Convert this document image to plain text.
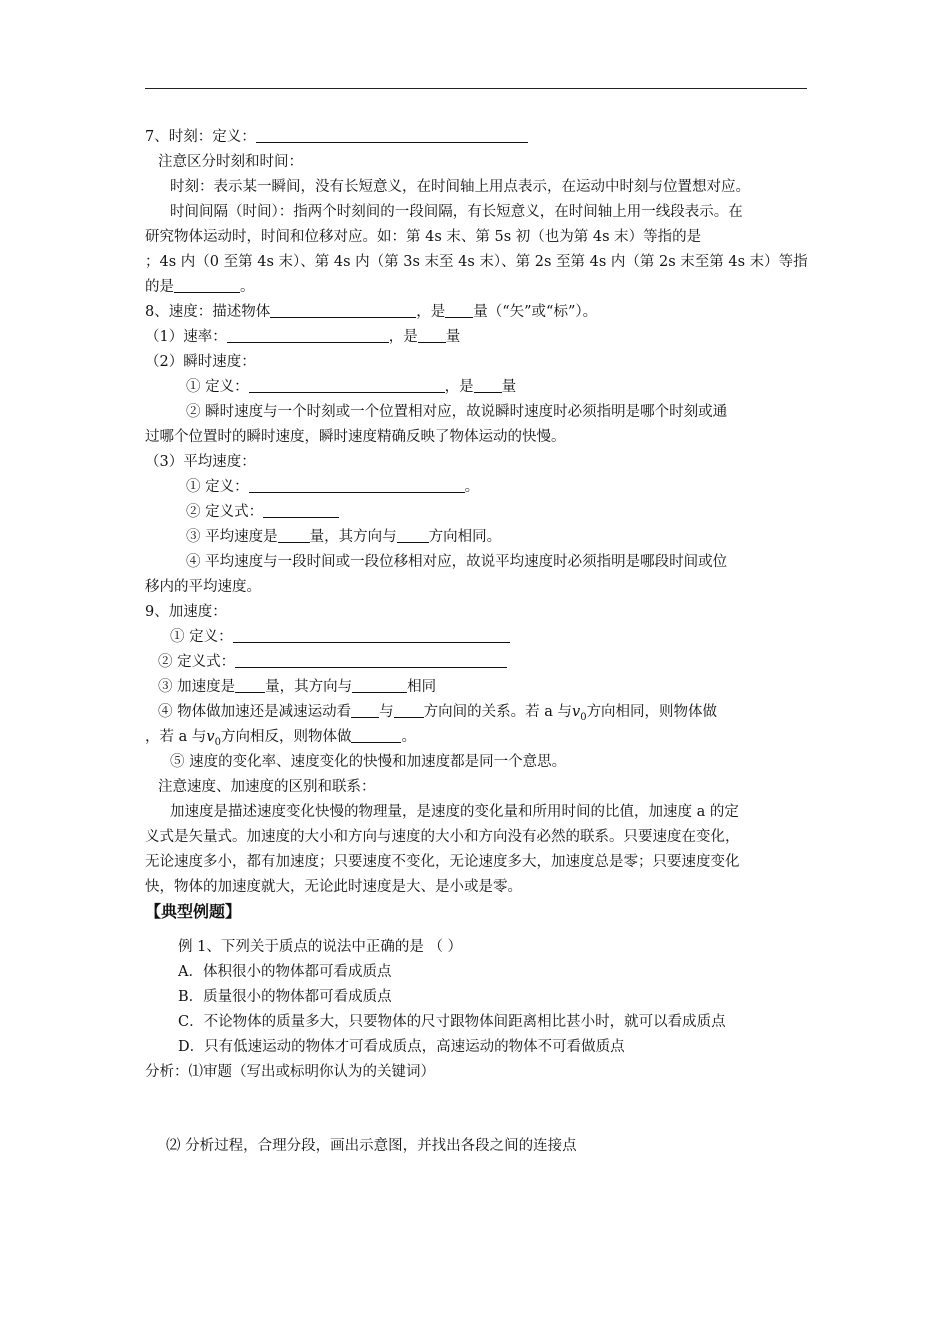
7、时刻：定义：
注意区分时刻和时间：
时刻：表示某一瞬间，没有长短意义，在时间轴上用点表示，在运动中时刻与位置想对应。
时间间隔（时间）：指两个时刻间的一段间隔，有长短意义，在时间轴上用一线段表示。在
研究物体运动时，时间和位移对应。如：第 4s 末、第 5s 初（也为第 4s 末）等指的是
；4s 内（0 至第 4s 末）、第 4s 内（第 3s 末至 4s 末）、第 2s 至第 4s 内（第 2s 末至第 4s 末）等指
的是	。
8、速度：描述物体	，是 量（“矢”或“标”）。
（1）速率：	，是 量
（2）瞬时速度：
① 定义：	，是 量
② 瞬时速度与一个时刻或一个位置相对应，故说瞬时速度时必须指明是哪个时刻或通
过哪个位置时的瞬时速度，瞬时速度精确反映了物体运动的快慢。
（3）平均速度：
① 定义：	。
② 定义式：
③ 平均速度是 量，其方向与 方向相同。
④ 平均速度与一段时间或一段位移相对应，故说平均速度时必须指明是哪段时间或位
移内的平均速度。
9、加速度：
① 定义：
② 定义式：
③ 加速度是 量，其方向与	相同
④ 物体做加速还是减速运动看 与 方向间的关系。若 a 与$v_0$方向相同，则物体做
，若 a 与$v_0$方向相反，则物体做	。
⑤ 速度的变化率、速度变化的快慢和加速度都是同一个意思。
注意速度、加速度的区别和联系：
加速度是描述速度变化快慢的物理量，是速度的变化量和所用时间的比值，加速度 a 的定
义式是矢量式。加速度的大小和方向与速度的大小和方向没有必然的联系。只要速度在变化，
无论速度多小，都有加速度；只要速度不变化，无论速度多大，加速度总是零；只要速度变化
快，物体的加速度就大，无论此时速度是大、是小或是零。
【典型例题】
例 1、下列关于质点的说法中正确的是 （ ）
A．体积很小的物体都可看成质点
B．质量很小的物体都可看成质点
C．不论物体的质量多大，只要物体的尺寸跟物体间距离相比甚小时，就可以看成质点
D．只有低速运动的物体才可看成质点，高速运动的物体不可看做质点
分析：⑴审题（写出或标明你认为的关键词）
⑵ 分析过程，合理分段，画出示意图，并找出各段之间的连接点
